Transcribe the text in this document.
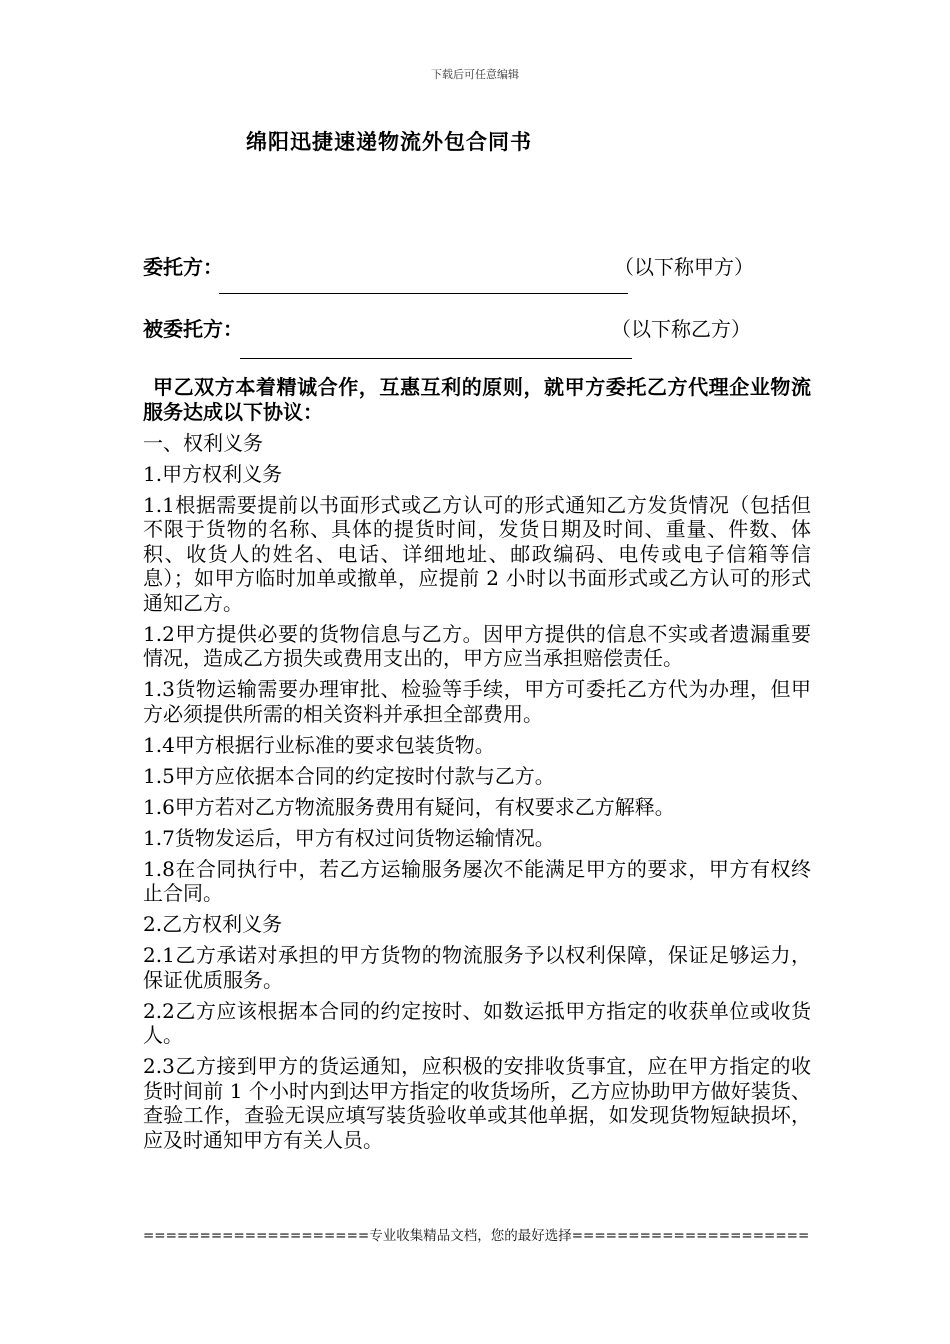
下载后可任意编辑
绵阳迅捷速递物流外包合同书
委托方：	（以下称甲方）
被委托方：	（以下称乙方）

甲乙双方本着精诚合作，互惠互利的原则，就甲方委托乙方代理企业物流服务达成以下协议：

一、权利义务

1.甲方权利义务

1.1根据需要提前以书面形式或乙方认可的形式通知乙方发货情况（包括但不限于货物的名称、具体的提货时间，发货日期及时间、重量、件数、体积、收货人的姓名、电话、详细地址、邮政编码、电传或电子信箱等信息）；如甲方临时加单或撤单，应提前 2 小时以书面形式或乙方认可的形式通知乙方。

1.2甲方提供必要的货物信息与乙方。因甲方提供的信息不实或者遗漏重要情况，造成乙方损失或费用支出的，甲方应当承担赔偿责任。

1.3货物运输需要办理审批、检验等手续，甲方可委托乙方代为办理，但甲方必须提供所需的相关资料并承担全部费用。

1.4甲方根据行业标准的要求包装货物。

1.5甲方应依据本合同的约定按时付款与乙方。

1.6甲方若对乙方物流服务费用有疑问，有权要求乙方解释。

1.7货物发运后，甲方有权过问货物运输情况。

1.8在合同执行中，若乙方运输服务屡次不能满足甲方的要求，甲方有权终止合同。

2.乙方权利义务

2.1乙方承诺对承担的甲方货物的物流服务予以权利保障，保证足够运力，保证优质服务。

2.2乙方应该根据本合同的约定按时、如数运抵甲方指定的收获单位或收货人。

2.3乙方接到甲方的货运通知，应积极的安排收货事宜，应在甲方指定的收货时间前 1 个小时内到达甲方指定的收货场所，乙方应协助甲方做好装货、查验工作，查验无误应填写装货验收单或其他单据，如发现货物短缺损坏，应及时通知甲方有关人员。

====================专业收集精品文档，您的最好选择=====================
